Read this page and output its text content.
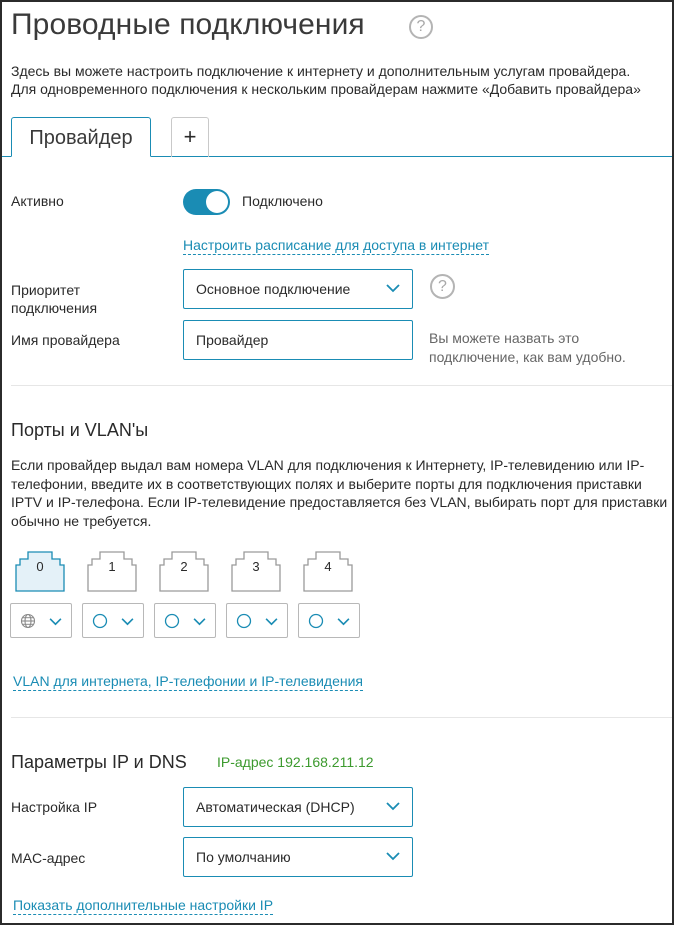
Проводные подключения	?
Здесь вы можете настроить подключение к интернету и дополнительным услугам провайдера.
Для одновременного подключения к нескольким провайдерам нажмите «Добавить провайдера»
Провайдер	+
Активно	Подключено
Настроить расписание для доступа в интернет
Приоритет
подключения
Основное подключение	?
Имя провайдера	Провайдер	Вы можете назвать это
подключение, как вам удобно.
Порты и VLAN'ы
Если провайдер выдал вам номера VLAN для подключения к Интернету, IP-телевидению или IP-
телефонии, введите их в соответствующих полях и выберите порты для подключения приставки
IPTV и IP-телефона. Если IP-телевидение предоставляется без VLAN, выбирать порт для приставки
обычно не требуется.
0	1	2	3	4
VLAN для интернета, IP-телефонии и IP-телевидения
Параметры IP и DNS IP-адрес 192.168.211.12
Настройка IP	Автоматическая (DHCP)
MAC-адрес	По умолчанию
Показать дополнительные настройки IP
